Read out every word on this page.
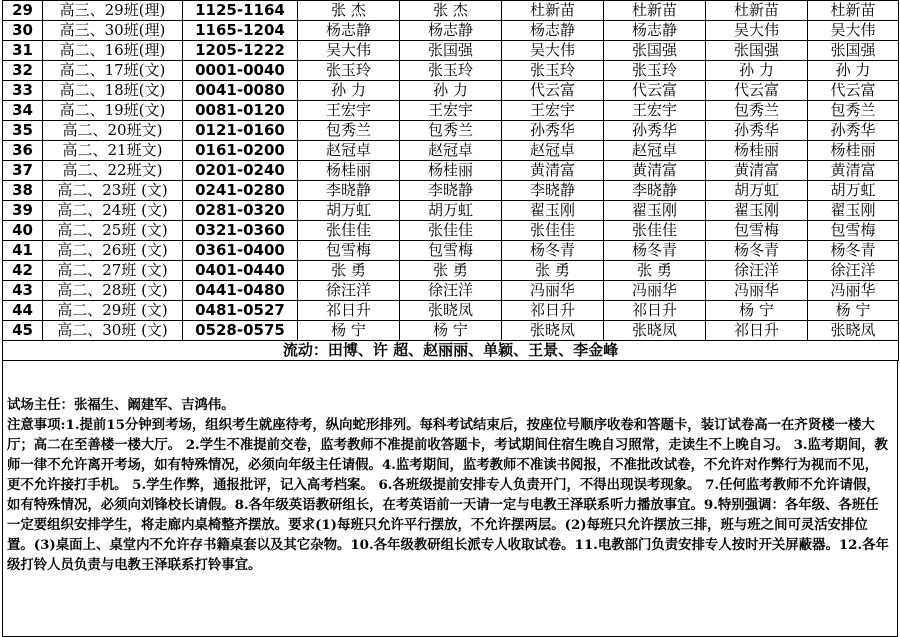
29	高三、29班(理)	1125-1164	张 杰	张 杰	杜新苗	杜新苗	杜新苗	杜新苗
30	高三、30班(理)	1165-1204	杨志静	杨志静	杨志静	杨志静	吴大伟	吴大伟
31	高二、16班(理)	1205-1222	吴大伟	张国强	吴大伟	张国强	张国强	张国强
32	高二、17班(文)	0001-0040	张玉玲	张玉玲	张玉玲	张玉玲	孙 力	孙 力
33	高二、18班(文)	0041-0080	孙 力	孙 力	代云富	代云富	代云富	代云富
34	高二、19班(文)	0081-0120	王宏宇	王宏宇	王宏宇	王宏宇	包秀兰	包秀兰
35	高二、20班文)	0121-0160	包秀兰	包秀兰	孙秀华	孙秀华	孙秀华	孙秀华
36	高二、21班文)	0161-0200	赵冠卓	赵冠卓	赵冠卓	赵冠卓	杨桂丽	杨桂丽
37	高二、22班文)	0201-0240	杨桂丽	杨桂丽	黄清富	黄清富	黄清富	黄清富
38	高二、23班 (文)	0241-0280	李晓静	李晓静	李晓静	李晓静	胡万虹	胡万虹
39	高二、24班 (文)	0281-0320	胡万虹	胡万虹	翟玉刚	翟玉刚	翟玉刚	翟玉刚
40	高二、25班 (文)	0321-0360	张佳佳	张佳佳	张佳佳	张佳佳	包雪梅	包雪梅
41	高二、26班 (文)	0361-0400	包雪梅	包雪梅	杨冬青	杨冬青	杨冬青	杨冬青
42	高二、27班 (文)	0401-0440	张 勇	张 勇	张 勇	张 勇	徐汪洋	徐汪洋
43	高二、28班 (文)	0441-0480	徐汪洋	徐汪洋	冯丽华	冯丽华	冯丽华	冯丽华
44	高二、29班 (文)	0481-0527	祁日升	张晓凤	祁日升	祁日升	杨 宁	杨 宁
45	高二、30班 (文)	0528-0575	杨 宁	杨 宁	张晓凤	张晓凤	祁日升	张晓凤
流动：田博、许 超、赵丽丽、单颖、王景、李金峰								

试场主任：张福生、阚建军、吉鸿伟。

注意事项:1.提前15分钟到考场，组织考生就座待考，纵向蛇形排列。每科考试结束后，按座位号顺序收卷和答题卡，装订试卷高一在齐贤楼一楼大厅；高二在至善楼一楼大厅。 2.学生不准提前交卷，监考教师不准提前收答题卡，考试期间住宿生晚自习照常，走读生不上晚自习。 3.监考期间，教师一律不允许离开考场，如有特殊情况，必须向年级主任请假。4.监考期间，监考教师不准读书阅报，不准批改试卷，不允许对作弊行为视而不见，更不允许接打手机。 5.学生作弊，通报批评，记入高考档案。 6.各班级提前安排专人负责开门，不得出现误考现象。 7.任何监考教师不允许请假，如有特殊情况，必须向刘锋校长请假。8.各年级英语教研组长，在考英语前一天请一定与电教王泽联系听力播放事宜。9.特别强调：各年级、各班任一定要组织安排学生，将走廊内桌椅整齐摆放。要求(1)每班只允许平行摆放，不允许摆两层。(2)每班只允许摆放三排，班与班之间可灵活安排位置。(3)桌面上、桌堂内不允许存书籍桌套以及其它杂物。10.各年级教研组长派专人收取试卷。11.电教部门负责安排专人按时开关屏蔽器。12.各年级打铃人员负责与电教王泽联系打铃事宜。
